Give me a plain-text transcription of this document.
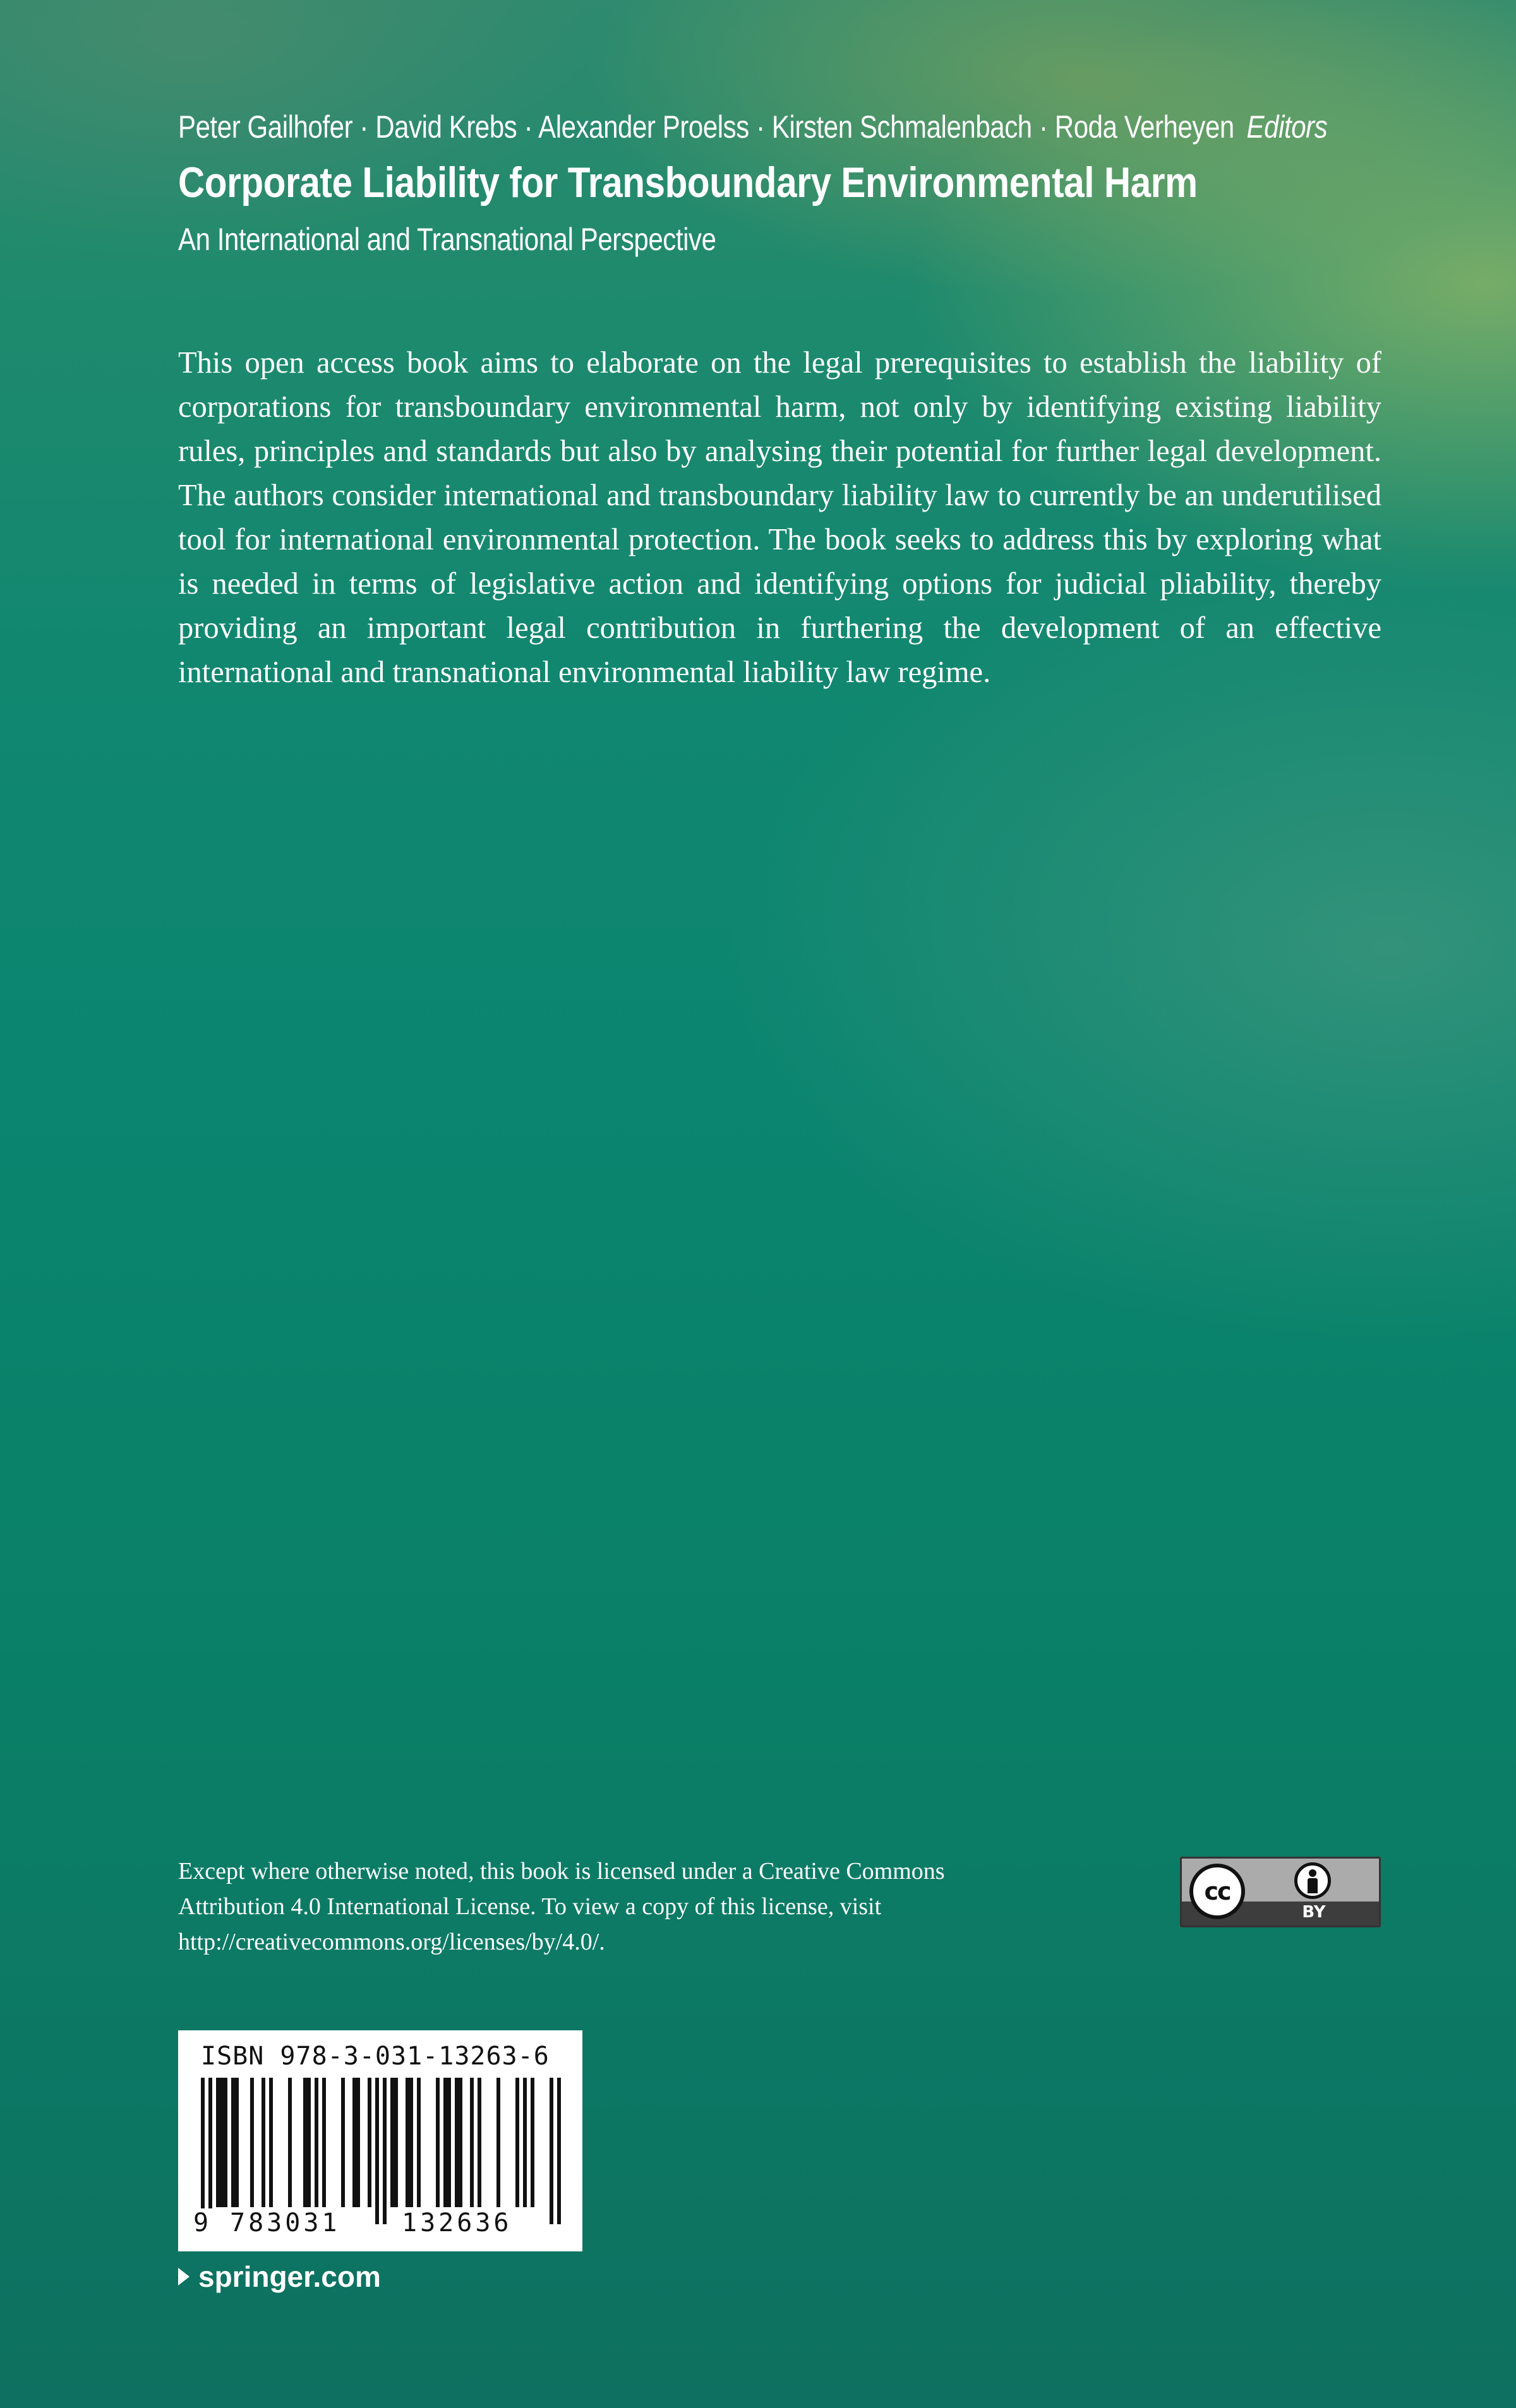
Peter Gailhofer · David Krebs · Alexander Proelss · Kirsten Schmalenbach · Roda Verheyen Editors
Corporate Liability for Transboundary Environmental Harm
An International and Transnational Perspective

This open access book aims to elaborate on the legal prerequisites to establish the liability of corporations for transboundary environmental harm, not only by identifying existing liability rules, principles and standards but also by analysing their potential for further legal development. The authors consider international and transboundary liability law to currently be an underutilised tool for international environmental protection. The book seeks to address this by exploring what is needed in terms of legislative action and identifying options for judicial pliability, thereby providing an important legal contribution in furthering the development of an effective international and transnational environmental liability law regime.

Except where otherwise noted, this book is licensed under a Creative Commons Attribution 4.0 International License. To view a copy of this license, visit http://creativecommons.org/licenses/by/4.0/.

cc
BY
ISBN 978-3-031-13263-6
9 783031 132636
springer.com
